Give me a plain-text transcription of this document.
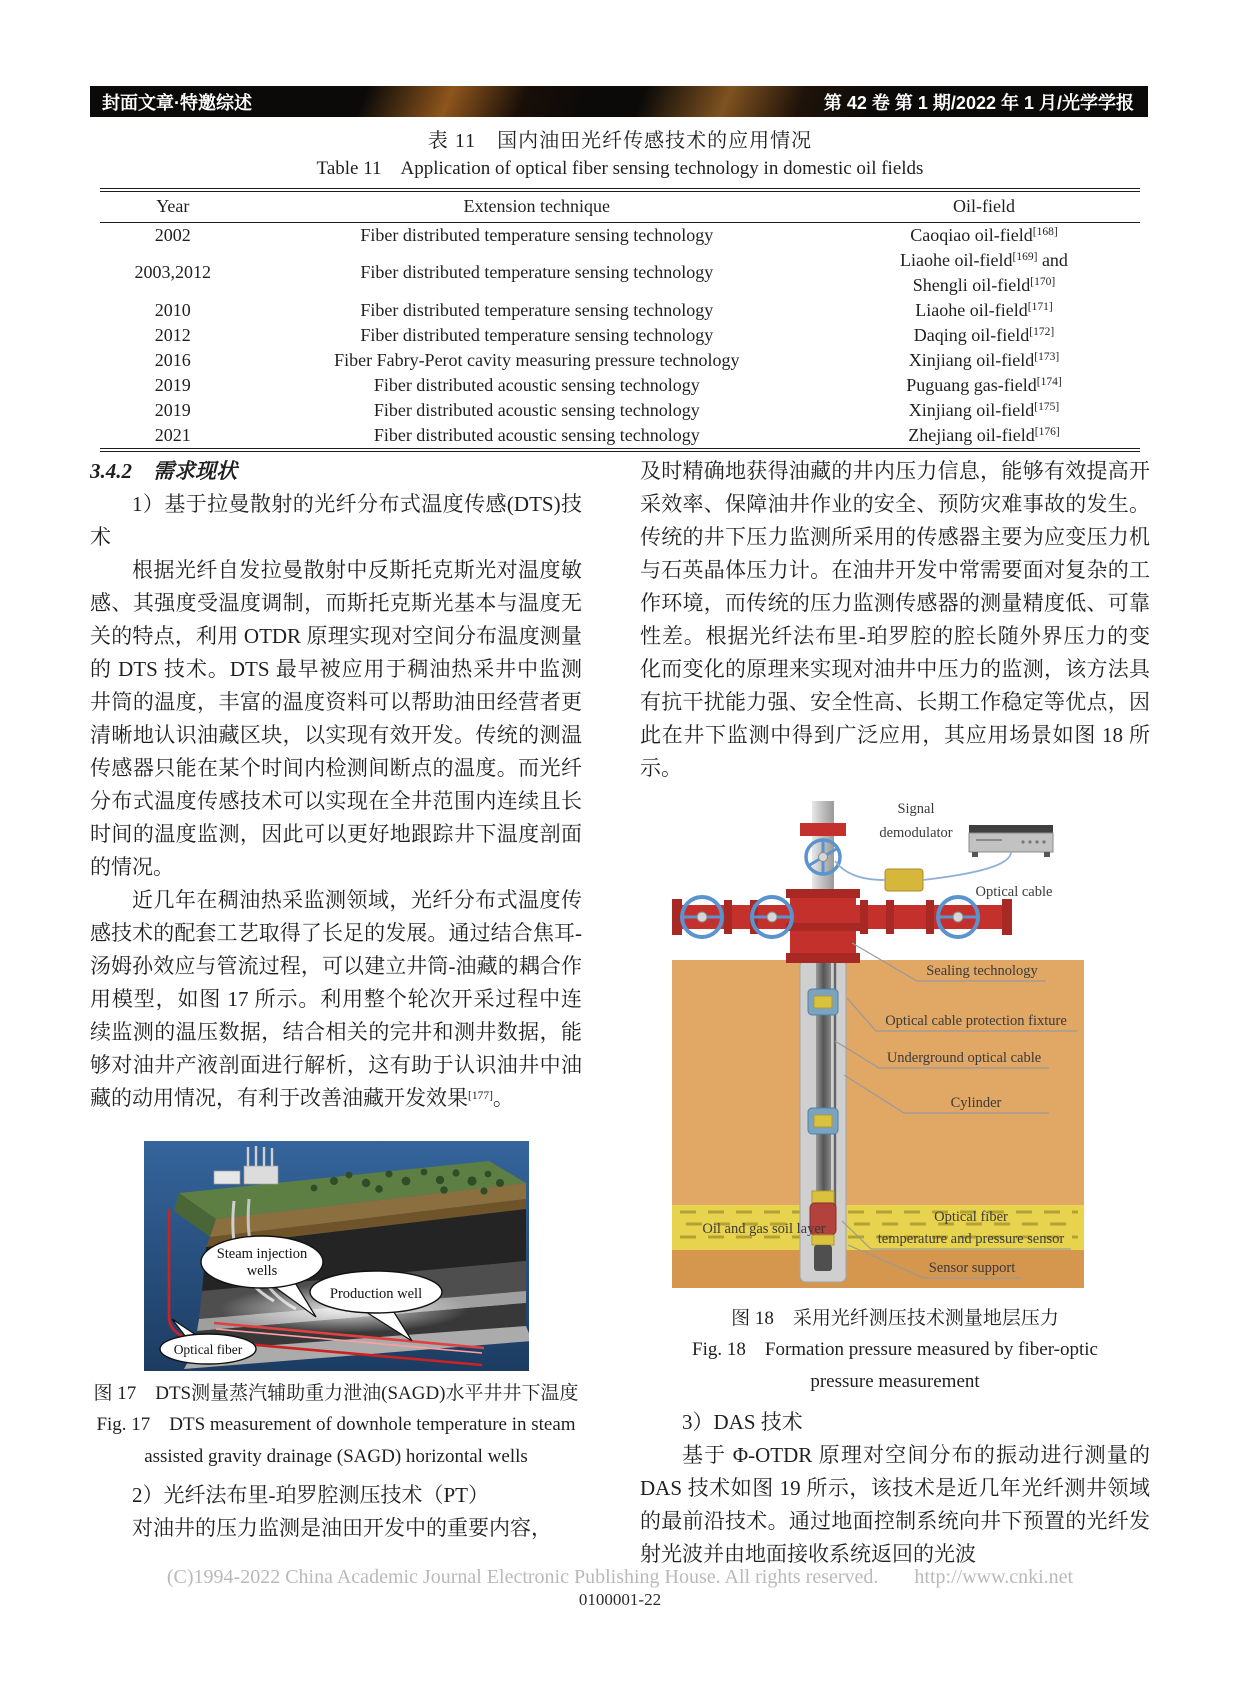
封面文章·特邀综述	第 42 卷 第 1 期/2022 年 1 月/光学学报
表 11　国内油田光纤传感技术的应用情况
Table 11　Application of optical fiber sensing technology in domestic oil fields
Year	Extension technique	Oil-field
2002	Fiber distributed temperature sensing technology	Caoqiao oil-field[168]

2003,2012	Fiber distributed temperature sensing technology	Liaohe oil-field[169] and
Shengli oil-field[170]

2010	Fiber distributed temperature sensing technology	Liaohe oil-field[171]

2012	Fiber distributed temperature sensing technology	Daqing oil-field[172]

2016	Fiber Fabry-Perot cavity measuring pressure technology	Xinjiang oil-field[173]

2019	Fiber distributed acoustic sensing technology	Puguang gas-field[174]

2019	Fiber distributed acoustic sensing technology	Xinjiang oil-field[175]

2021	Fiber distributed acoustic sensing technology	Zhejiang oil-field[176]
3.4.2　需求现状

1）基于拉曼散射的光纤分布式温度传感(DTS)技术

根据光纤自发拉曼散射中反斯托克斯光对温度敏感、其强度受温度调制，而斯托克斯光基本与温度无关的特点，利用 OTDR 原理实现对空间分布温度测量的 DTS 技术。DTS 最早被应用于稠油热采井中监测井筒的温度，丰富的温度资料可以帮助油田经营者更清晰地认识油藏区块，以实现有效开发。传统的测温传感器只能在某个时间内检测间断点的温度。而光纤分布式温度传感技术可以实现在全井范围内连续且长时间的温度监测，因此可以更好地跟踪井下温度剖面的情况。

近几年在稠油热采监测领域，光纤分布式温度传感技术的配套工艺取得了长足的发展。通过结合焦耳-汤姆孙效应与管流过程，可以建立井筒-油藏的耦合作用模型，如图 17 所示。利用整个轮次开采过程中连续监测的温压数据，结合相关的完井和测井数据，能够对油井产液剖面进行解析，这有助于认识油井中油藏的动用情况，有利于改善油藏开发效果[177]。

Steam injection
wells
Production well
Optical fiber
图 17　DTS测量蒸汽辅助重力泄油(SAGD)水平井井下温度
Fig. 17　DTS measurement of downhole temperature in steam
assisted gravity drainage (SAGD) horizontal wells

2）光纤法布里-珀罗腔测压技术（PT）

对油井的压力监测是油田开发中的重要内容，

及时精确地获得油藏的井内压力信息，能够有效提高开采效率、保障油井作业的安全、预防灾难事故的发生。传统的井下压力监测所采用的传感器主要为应变压力机与石英晶体压力计。在油井开发中常需要面对复杂的工作环境，而传统的压力监测传感器的测量精度低、可靠性差。根据光纤法布里-珀罗腔的腔长随外界压力的变化而变化的原理来实现对油井中压力的监测，该方法具有抗干扰能力强、安全性高、长期工作稳定等优点，因此在井下监测中得到广泛应用，其应用场景如图 18 所示。

Signal
demodulator
Optical cable
Sealing technology
Optical cable protection fixture
Underground optical cable
Cylinder
Oil and gas soil layer
Optical fiber
temperature and pressure sensor
Sensor support
图 18　采用光纤测压技术测量地层压力
Fig. 18　Formation pressure measured by fiber-optic
pressure measurement

3）DAS 技术

基于 Φ-OTDR 原理对空间分布的振动进行测量的 DAS 技术如图 19 所示，该技术是近几年光纤测井领域的最前沿技术。通过地面控制系统向井下预置的光纤发射光波并由地面接收系统返回的光波

(C)1994-2022 China Academic Journal Electronic Publishing House. All rights reserved. http://www.cnki.net
0100001-22
